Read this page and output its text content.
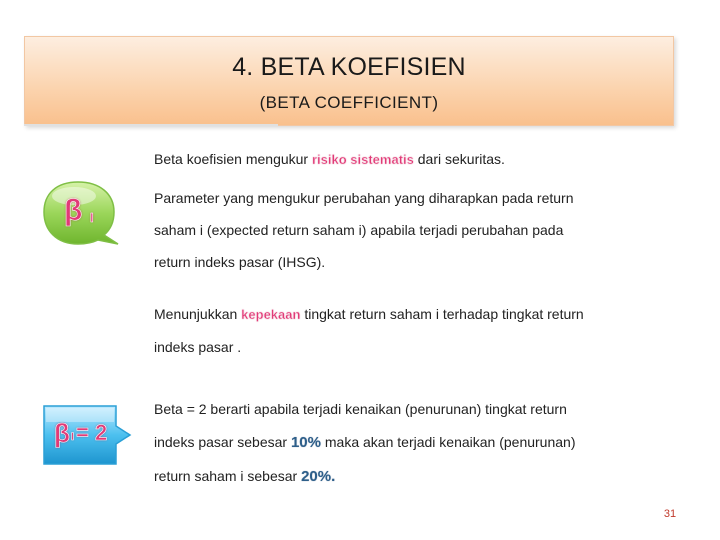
4. BETA KOEFISIEN
(BETA COEFFICIENT)
β I
β I = 2
Beta koefisien mengukur risiko sistematis dari sekuritas.
Parameter yang mengukur perubahan yang diharapkan pada return
saham i (expected return saham i) apabila terjadi perubahan pada
return indeks pasar (IHSG).
Menunjukkan kepekaan tingkat return saham i terhadap tingkat return
indeks pasar .
Beta = 2 berarti apabila terjadi kenaikan (penurunan) tingkat return
indeks pasar sebesar 10% maka akan terjadi kenaikan (penurunan)
return saham i sebesar 20%.
31
